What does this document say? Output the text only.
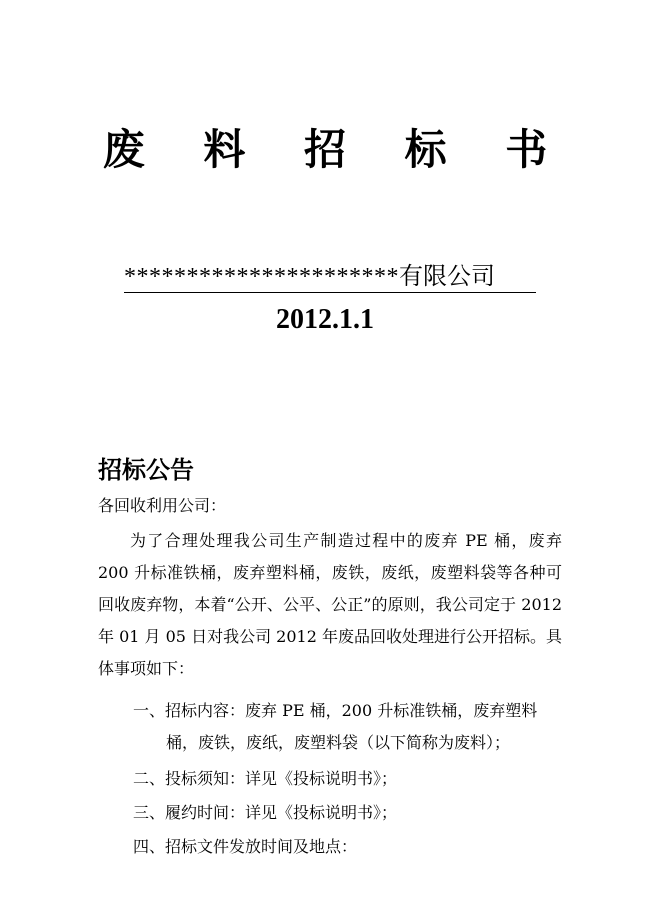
废 料 招 标 书
**********************有限公司
2012.1.1
招标公告
各回收利用公司：
为了合理处理我公司生产制造过程中的废弃 PE 桶，废弃 200 升标准铁桶，废弃塑料桶，废铁，废纸，废塑料袋等各种可回收废弃物，本着“公开、公平、公正”的原则，我公司定于 2012 年 01 月 05 日对我公司 2012 年废品回收处理进行公开招标。具体事项如下：
一、招标内容：废弃 PE 桶，200 升标准铁桶，废弃塑料
桶，废铁，废纸，废塑料袋（以下简称为废料）；
二、投标须知：详见《投标说明书》；
三、履约时间：详见《投标说明书》；
四、招标文件发放时间及地点：
